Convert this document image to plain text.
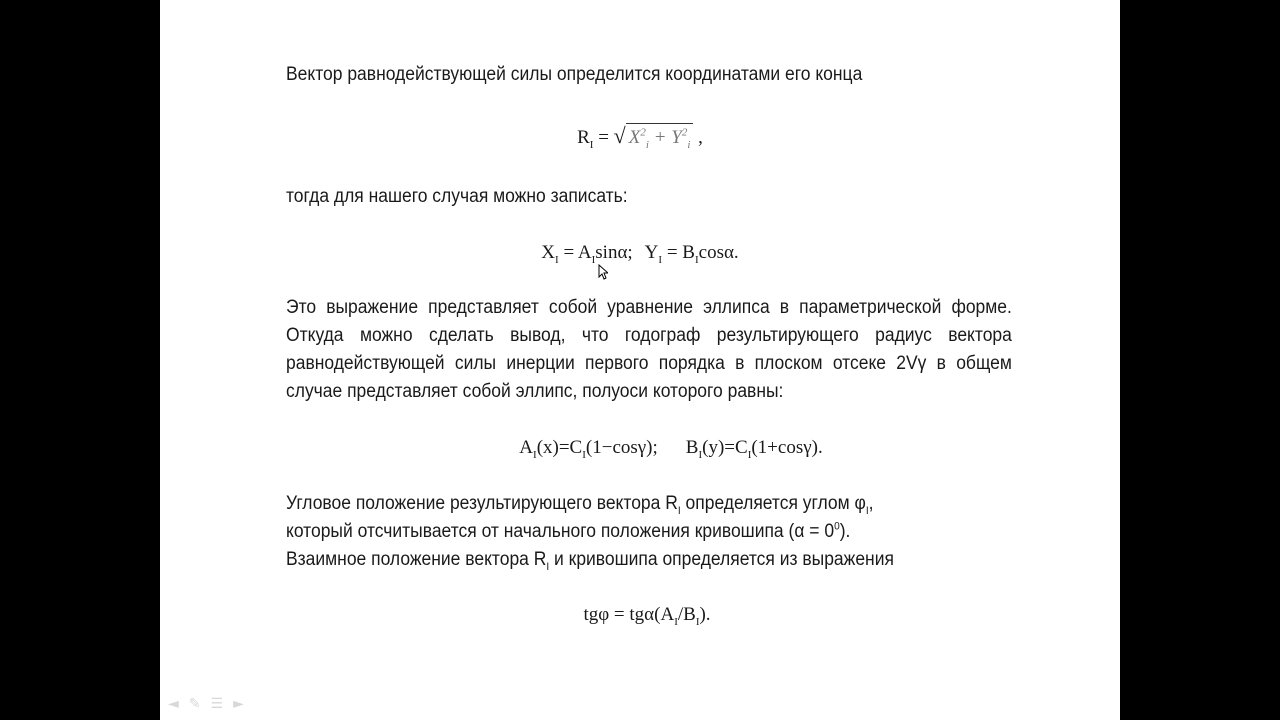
Вектор равнодействующей силы определится координатами его конца

$R_I$ = √ $X^2_i + Y^2_i$ ,

тогда для нашего случая можно записать:

$X_I = A_I\sin\alpha$; $Y_I = B_I\cos\alpha$.

Это выражение представляет собой уравнение эллипса в параметрической форме. Откуда можно сделать вывод, что годограф результирующего радиус вектора равнодействующей силы инерции первого порядка в плоском отсеке 2Vγ в общем случае представляет собой эллипс, полуоси которого равны:

$A_I(x)=C_I(1-\cos\gamma)$; $B_I(y)=C_I(1+\cos\gamma)$.

Угловое положение результирующего вектора $R_I$ определяется углом $\varphi_I$,
который отсчитывается от начального положения кривошипа $(\alpha = 0^0)$.

Взаимное положение вектора $R_I$ и кривошипа определяется из выражения

$tg\varphi = tg\alpha(A_I/B_I)$.
◄ ✎ ☰ ►
